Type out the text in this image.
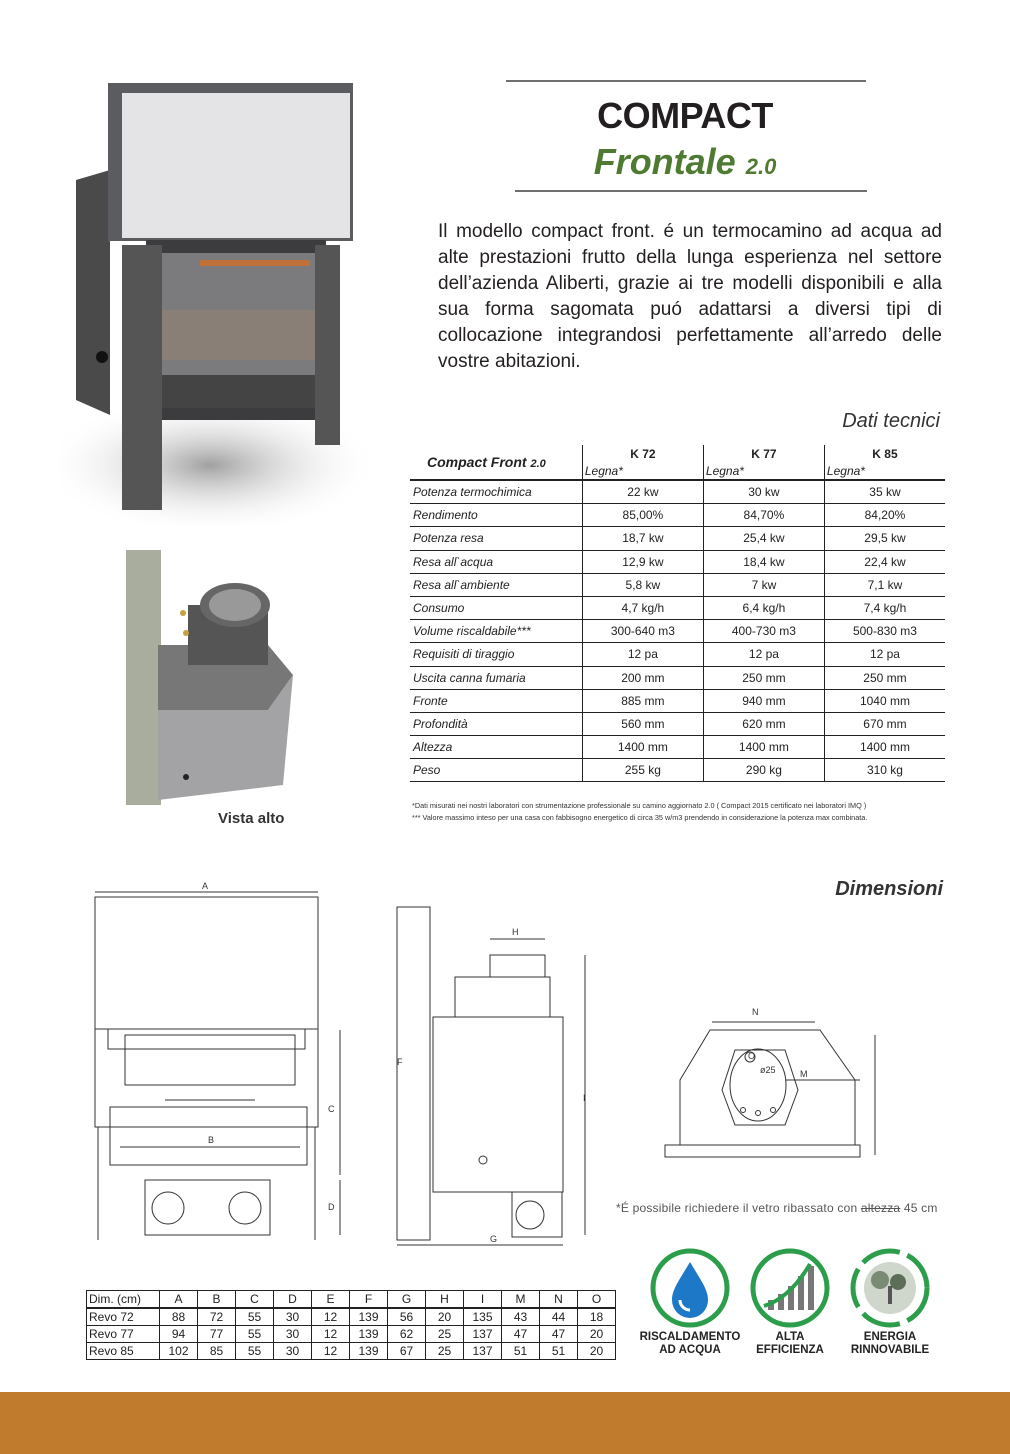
COMPACT
Frontale 2.0
Vista alto
Il modello compact front. é un termocamino ad acqua ad alte prestazioni frutto della lunga esperienza nel settore dell’azienda Aliberti, grazie ai tre modelli disponibili e alla sua forma sagomata puó adattarsi a diversi tipi di collocazione integrandosi perfettamente all’arredo delle vostre abitazioni.
Dati tecnici
Compact Front 2.0	K 72	K 77	K 85
	Legna*	Legna*	Legna*
Potenza termochimica	22 kw	30 kw	35 kw
Rendimento	85,00%	84,70%	84,20%
Potenza resa	18,7 kw	25,4 kw	29,5 kw
Resa all`acqua	12,9 kw	18,4 kw	22,4 kw
Resa all`ambiente	5,8 kw	7 kw	7,1 kw
Consumo	4,7 kg/h	6,4 kg/h	7,4 kg/h
Volume riscaldabile***	300-640 m3	400-730 m3	500-830 m3
Requisiti di tiraggio	12 pa	12 pa	12 pa
Uscita canna fumaria	200 mm	250 mm	250 mm
Fronte	885 mm	940 mm	1040 mm
Profondità	560 mm	620 mm	670 mm
Altezza	1400 mm	1400 mm	1400 mm
Peso	255 kg	290 kg	310 kg
*Dati misurati nei nostri laboratori con strumentazione professionale su camino aggiornato 2.0 ( Compact 2015 certificato nei laboratori IMQ )
*** Valore massimo inteso per una casa con fabbisogno energetico di circa 35 w/m3 prendendo in considerazione la potenza max combinata.
Dimensioni
A
B
C
D
F
H
I
G
N
O
ø25	M
*É possibile richiedere il vetro ribassato con altezza 45 cm
Dim. (cm)	A	B	C	D	E	F	G	H	I	M	N	O
Revo 72	88	72	55	30	12	139	56	20	135	43	44	18
Revo 77	94	77	55	30	12	139	62	25	137	47	47	20
Revo 85	102	85	55	30	12	139	67	25	137	51	51	20
RISCALDAMENTO
AD ACQUA
ALTA
EFFICIENZA
ENERGIA
RINNOVABILE
